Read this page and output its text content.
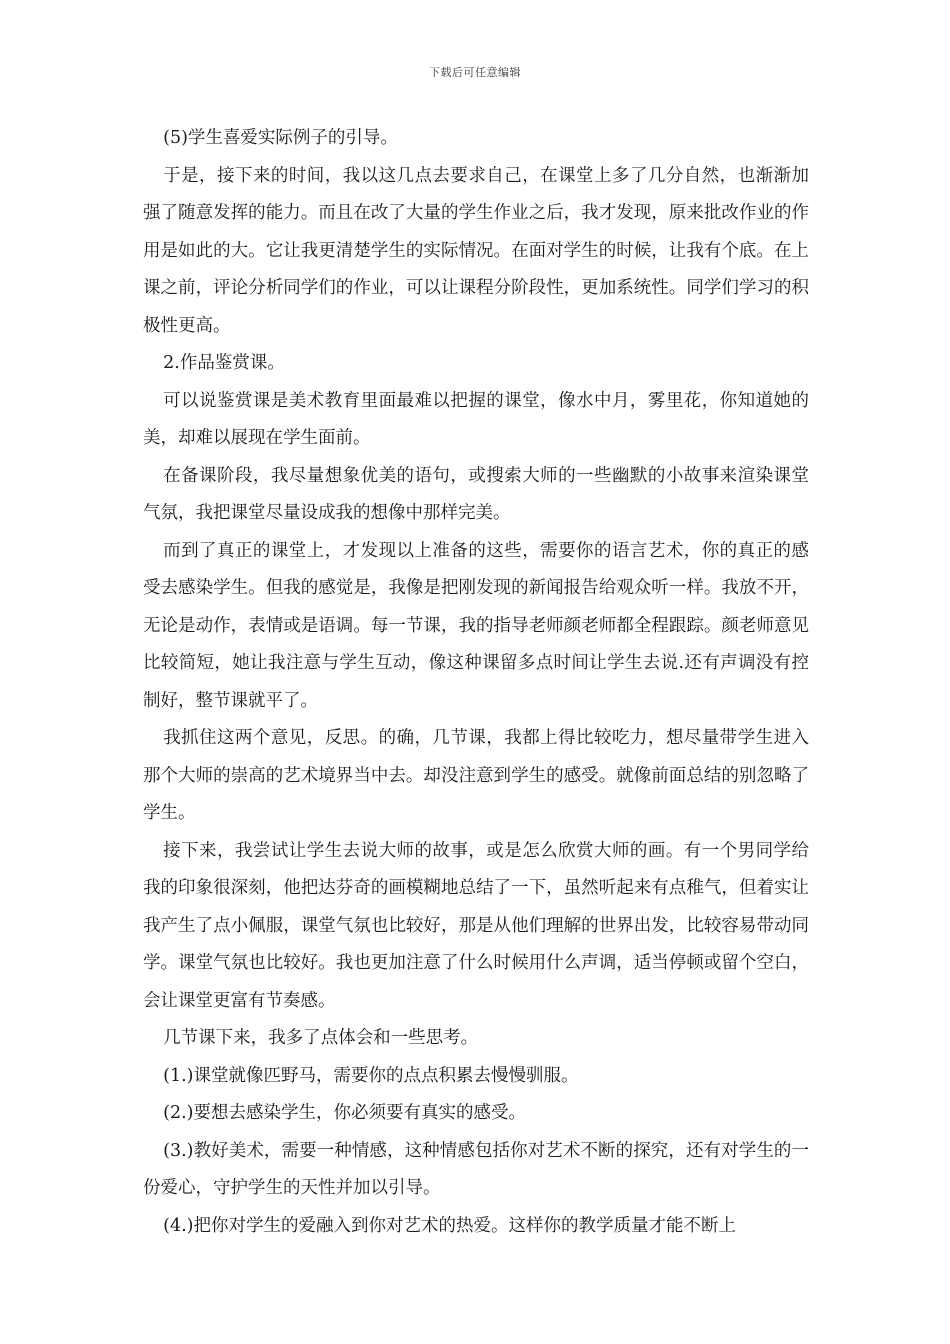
下载后可任意编辑

(5)学生喜爱实际例子的引导。

于是，接下来的时间，我以这几点去要求自己，在课堂上多了几分自然，也渐渐加强了随意发挥的能力。而且在改了大量的学生作业之后，我才发现，原来批改作业的作用是如此的大。它让我更清楚学生的实际情况。在面对学生的时候，让我有个底。在上课之前，评论分析同学们的作业，可以让课程分阶段性，更加系统性。同学们学习的积极性更高。

2.作品鉴赏课。

可以说鉴赏课是美术教育里面最难以把握的课堂，像水中月，雾里花，你知道她的美，却难以展现在学生面前。

在备课阶段，我尽量想象优美的语句，或搜索大师的一些幽默的小故事来渲染课堂气氛，我把课堂尽量设成我的想像中那样完美。

而到了真正的课堂上，才发现以上准备的这些，需要你的语言艺术，你的真正的感受去感染学生。但我的感觉是，我像是把刚发现的新闻报告给观众听一样。我放不开，无论是动作，表情或是语调。每一节课，我的指导老师颜老师都全程跟踪。颜老师意见比较简短，她让我注意与学生互动，像这种课留多点时间让学生去说.还有声调没有控制好，整节课就平了。

我抓住这两个意见，反思。的确，几节课，我都上得比较吃力，想尽量带学生进入那个大师的崇高的艺术境界当中去。却没注意到学生的感受。就像前面总结的别忽略了学生。

接下来，我尝试让学生去说大师的故事，或是怎么欣赏大师的画。有一个男同学给我的印象很深刻，他把达芬奇的画模糊地总结了一下，虽然听起来有点稚气，但着实让我产生了点小佩服，课堂气氛也比较好，那是从他们理解的世界出发，比较容易带动同学。课堂气氛也比较好。我也更加注意了什么时候用什么声调，适当停顿或留个空白，会让课堂更富有节奏感。

几节课下来，我多了点体会和一些思考。

(1.)课堂就像匹野马，需要你的点点积累去慢慢驯服。

(2.)要想去感染学生，你必须要有真实的感受。

(3.)教好美术，需要一种情感，这种情感包括你对艺术不断的探究，还有对学生的一份爱心，守护学生的天性并加以引导。

(4.)把你对学生的爱融入到你对艺术的热爱。这样你的教学质量才能不断上
